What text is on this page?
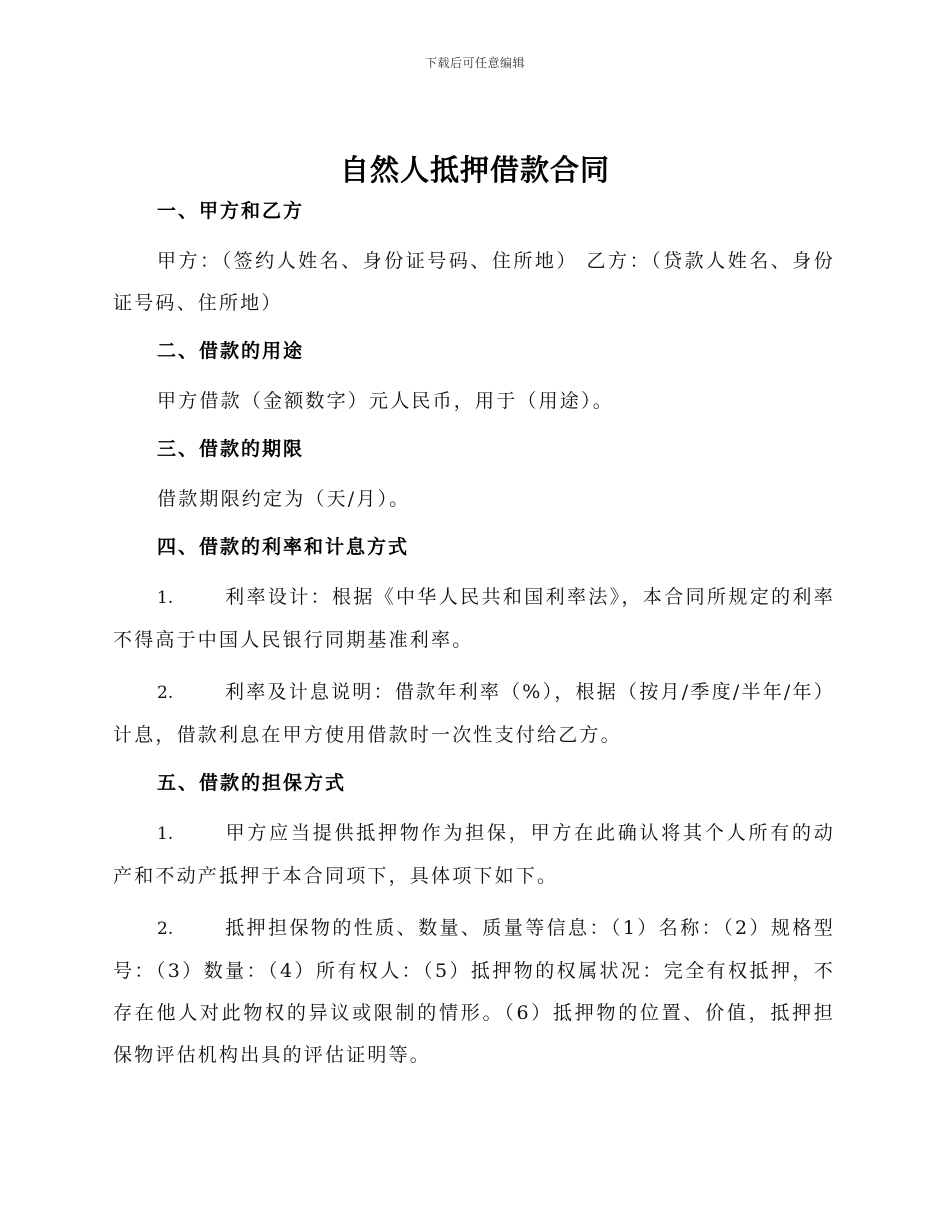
下载后可任意编辑
自然人抵押借款合同
一、甲方和乙方

甲方：（签约人姓名、身份证号码、住所地） 乙方：（贷款人姓名、身份证号码、住所地）

二、借款的用途

甲方借款（金额数字）元人民币，用于（用途）。

三、借款的期限

借款期限约定为（天/月）。

四、借款的利率和计息方式

1.	利率设计：根据《中华人民共和国利率法》，本合同所规定的利率不得高于中国人民银行同期基准利率。

2.	利率及计息说明：借款年利率（%），根据（按月/季度/半年/年）计息，借款利息在甲方使用借款时一次性支付给乙方。

五、借款的担保方式

1.	甲方应当提供抵押物作为担保，甲方在此确认将其个人所有的动产和不动产抵押于本合同项下，具体项下如下。

2.	抵押担保物的性质、数量、质量等信息：（1）名称：（2）规格型号：（3）数量：（4）所有权人：（5）抵押物的权属状况：完全有权抵押，不存在他人对此物权的异议或限制的情形。（6）抵押物的位置、价值，抵押担保物评估机构出具的评估证明等。
